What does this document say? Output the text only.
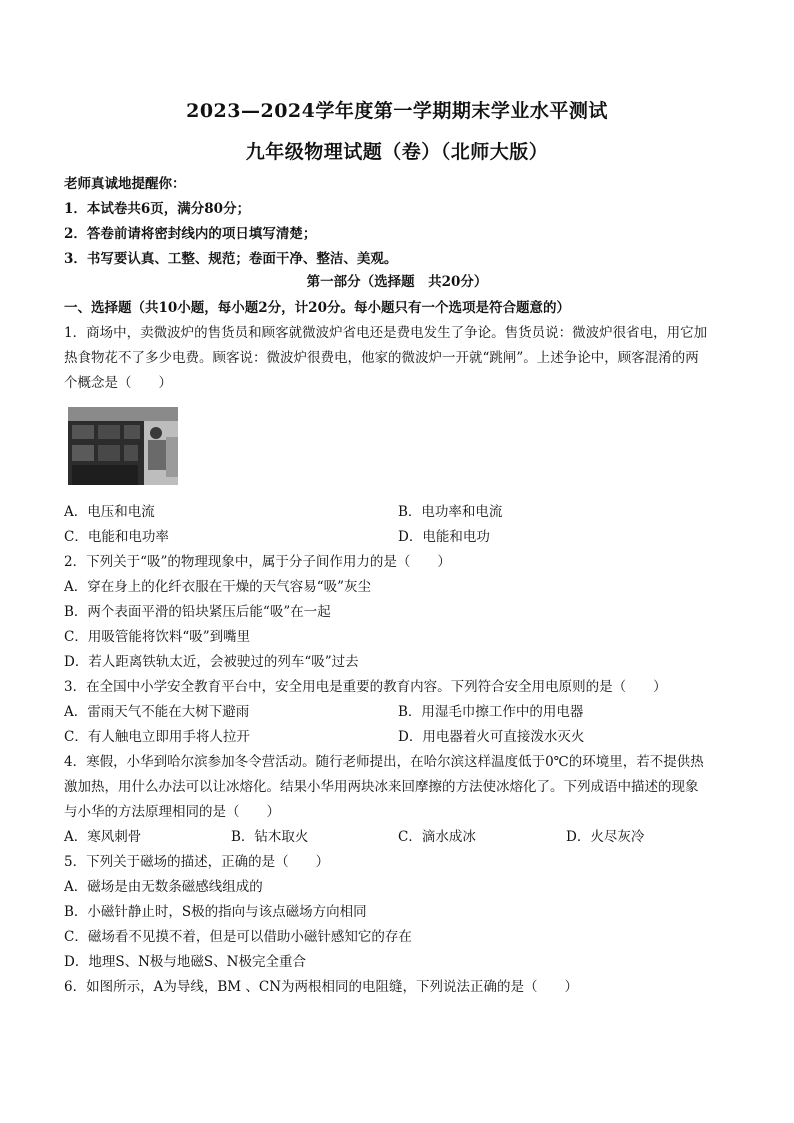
2023—2024学年度第一学期期末学业水平测试
九年级物理试题（卷）（北师大版）
老师真诚地提醒你：
1．本试卷共6页，满分80分；
2．答卷前请将密封线内的项日填写清楚；
3．书写要认真、工整、规范；卷面干净、整洁、美观。
第一部分（选择题　共20分）
一、选择题（共10小题，每小题2分，计20分。每小题只有一个选项是符合题意的）
1．商场中，卖微波炉的售货员和顾客就微波炉省电还是费电发生了争论。售货员说：微波炉很省电，用它加
热食物花不了多少电费。顾客说：微波炉很费电，他家的微波炉一开就“跳闸”。上述争论中，顾客混淆的两
个概念是（　　）
A．电压和电流	B．电功率和电流
C．电能和电功率	D．电能和电功
2．下列关于“吸”的物理现象中，属于分子间作用力的是（　　）
A．穿在身上的化纤衣服在干燥的天气容易“吸”灰尘
B．两个表面平滑的铅块紧压后能“吸”在一起
C．用吸管能将饮料“吸”到嘴里
D．若人距离铁轨太近，会被驶过的列车“吸”过去
3．在全国中小学安全教育平台中，安全用电是重要的教育内容。下列符合安全用电原则的是（　　）
A．雷雨天气不能在大树下避雨	B．用湿毛巾擦工作中的用电器
C．有人触电立即用手将人拉开	D．用电器着火可直接泼水灭火
4．寒假，小华到哈尔滨参加冬令营活动。随行老师提出，在哈尔滨这样温度低于0℃的环境里，若不提供热
激加热，用什么办法可以让冰熔化。结果小华用两块冰来回摩擦的方法使冰熔化了。下列成语中描述的现象
与小华的方法原理相同的是（　　）
A．寒风刺骨	B．钻木取火	C．滴水成冰	D．火尽灰冷
5．下列关于磁场的描述，正确的是（　　）
A．磁场是由无数条磁感线组成的
B．小磁针静止时，S极的指向与该点磁场方向相同
C．磁场看不见摸不着，但是可以借助小磁针感知它的存在
D．地理S、N极与地磁S、N极完全重合
6．如图所示，A为导线，BM 、CN为两根相同的电阻缝，下列说法正确的是（　　）
